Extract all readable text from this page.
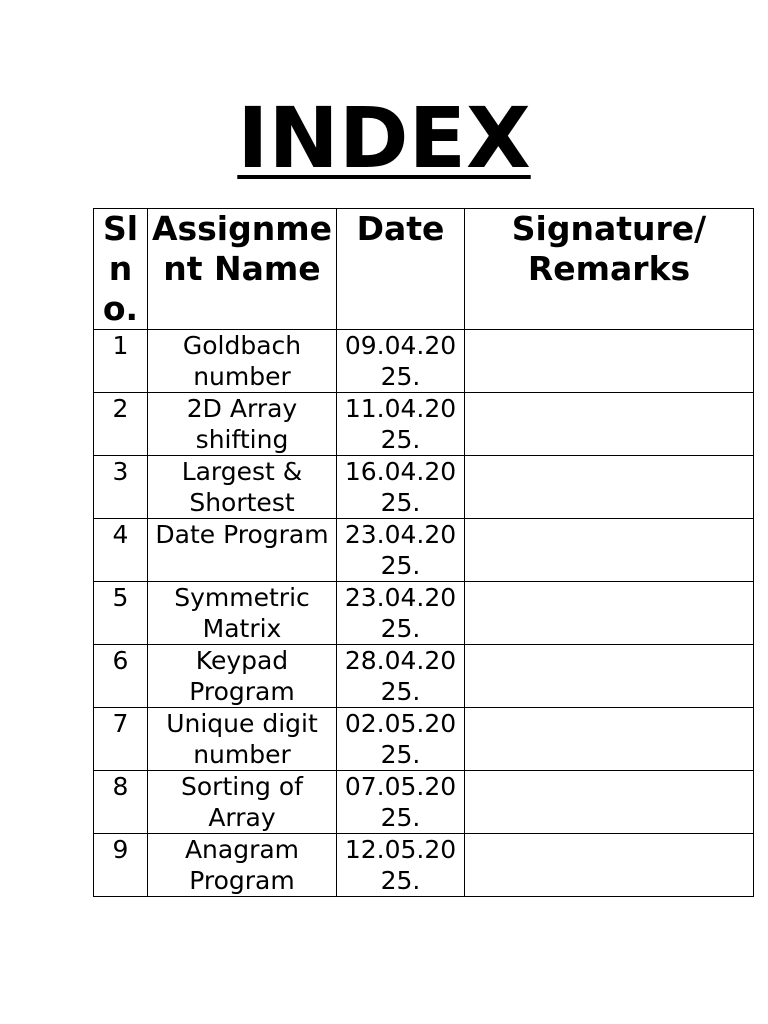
INDEX
Sl no.	Assignment Name	Date	Signature/ Remarks
1	Goldbach number	09.04.2025.	
2	2D Array shifting	11.04.2025.	
3	Largest & Shortest	16.04.2025.	
4	Date Program	23.04.2025.	
5	Symmetric Matrix	23.04.2025.	
6	Keypad Program	28.04.2025.	
7	Unique digit number	02.05.2025.	
8	Sorting of Array	07.05.2025.	
9	Anagram Program	12.05.2025.	
